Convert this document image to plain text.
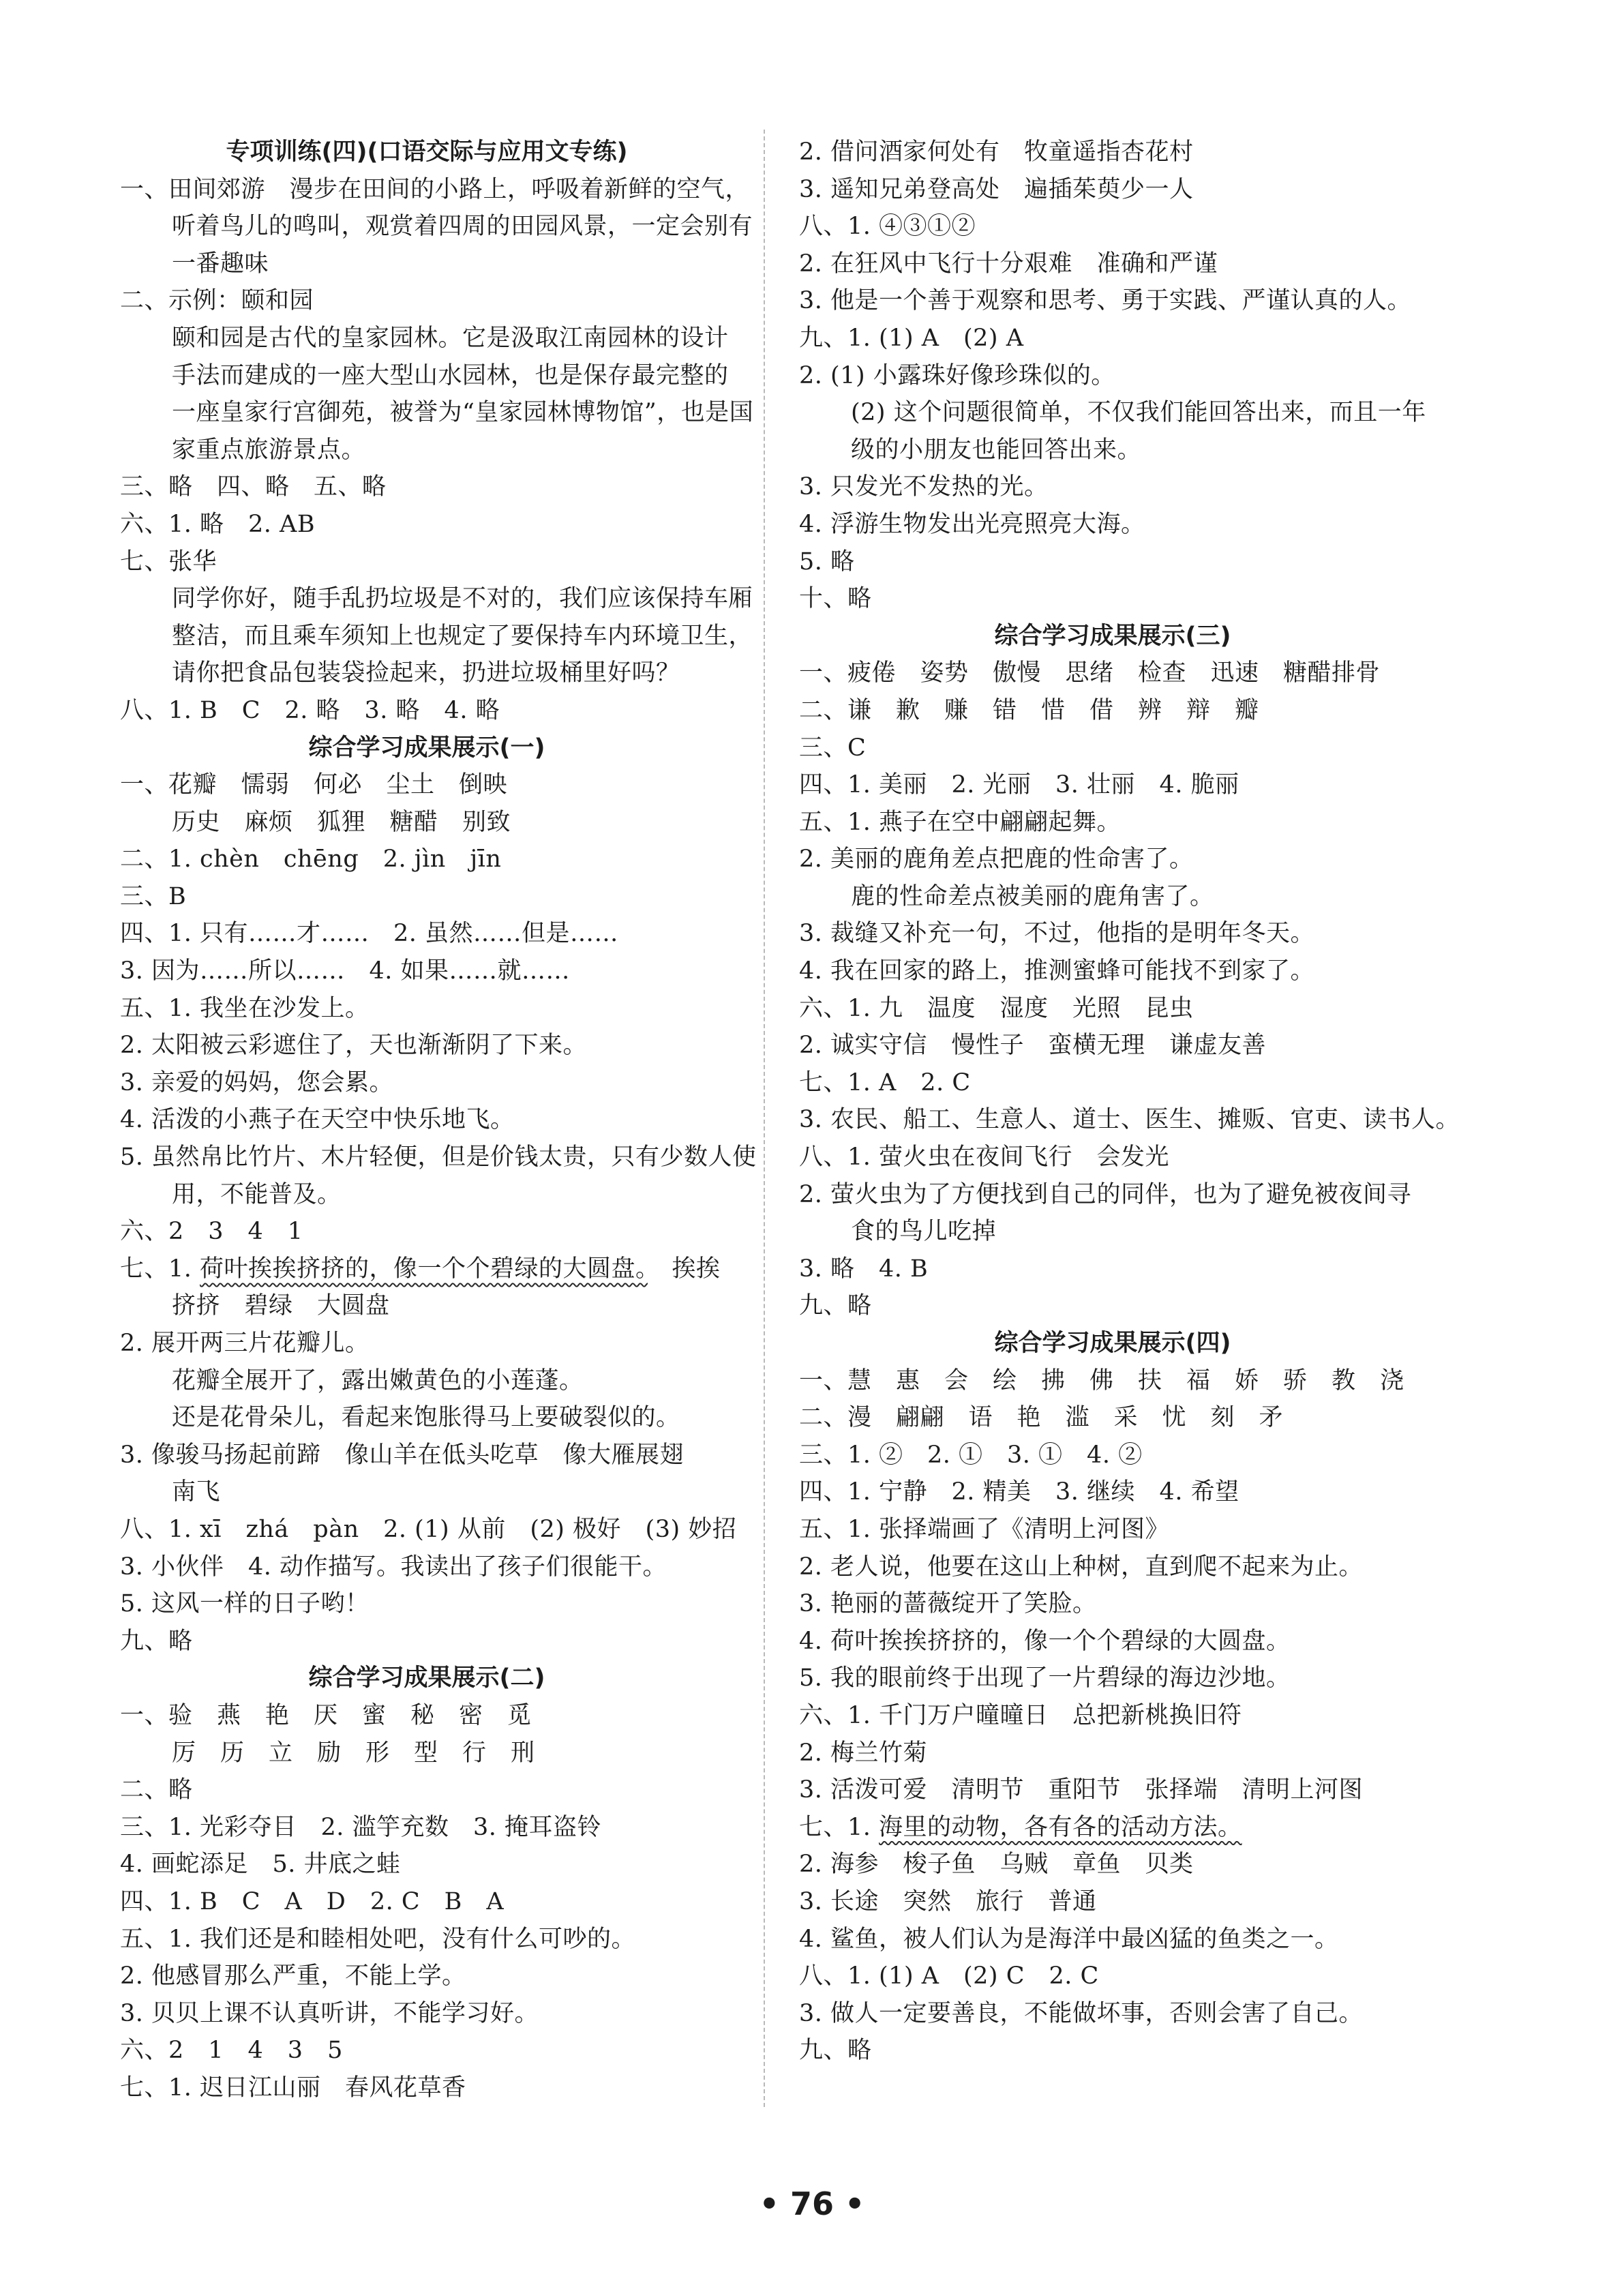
专项训练(四)(口语交际与应用文专练)
一、田间郊游　漫步在田间的小路上，呼吸着新鲜的空气，
听着鸟儿的鸣叫，观赏着四周的田园风景，一定会别有
一番趣味
二、示例：颐和园
颐和园是古代的皇家园林。它是汲取江南园林的设计
手法而建成的一座大型山水园林，也是保存最完整的
一座皇家行宫御苑，被誉为“皇家园林博物馆”，也是国
家重点旅游景点。
三、略　四、略　五、略
六、1. 略　2. AB
七、张华
同学你好，随手乱扔垃圾是不对的，我们应该保持车厢
整洁，而且乘车须知上也规定了要保持车内环境卫生，
请你把食品包装袋捡起来，扔进垃圾桶里好吗？
八、1. B　C　2. 略　3. 略　4. 略
综合学习成果展示(一)
一、花瓣　懦弱　何必　尘土　倒映
历史　麻烦　狐狸　糖醋　别致
二、1. chèn　chēng　2. jìn　jīn
三、B
四、1. 只有……才……　2. 虽然……但是……
3. 因为……所以……　4. 如果……就……
五、1. 我坐在沙发上。
2. 太阳被云彩遮住了，天也渐渐阴了下来。
3. 亲爱的妈妈，您会累。
4. 活泼的小燕子在天空中快乐地飞。
5. 虽然帛比竹片、木片轻便，但是价钱太贵，只有少数人使
用，不能普及。
六、2　3　4　1
七、1. 荷叶挨挨挤挤的，像一个个碧绿的大圆盘。　挨挨
挤挤　碧绿　大圆盘
2. 展开两三片花瓣儿。
花瓣全展开了，露出嫩黄色的小莲蓬。
还是花骨朵儿，看起来饱胀得马上要破裂似的。
3. 像骏马扬起前蹄　像山羊在低头吃草　像大雁展翅
南飞
八、1. xī　zhá　pàn　2. (1) 从前　(2) 极好　(3) 妙招
3. 小伙伴　4. 动作描写。我读出了孩子们很能干。
5. 这风一样的日子哟！
九、略
综合学习成果展示(二)
一、验　燕　艳　厌　蜜　秘　密　觅
厉　历　立　励　形　型　行　刑
二、略
三、1. 光彩夺目　2. 滥竽充数　3. 掩耳盗铃
4. 画蛇添足　5. 井底之蛙
四、1. B　C　A　D　2. C　B　A
五、1. 我们还是和睦相处吧，没有什么可吵的。
2. 他感冒那么严重，不能上学。
3. 贝贝上课不认真听讲，不能学习好。
六、2　1　4　3　5
七、1. 迟日江山丽　春风花草香
2. 借问酒家何处有　牧童遥指杏花村
3. 遥知兄弟登高处　遍插茱萸少一人
八、1. ④③①②
2. 在狂风中飞行十分艰难　准确和严谨
3. 他是一个善于观察和思考、勇于实践、严谨认真的人。
九、1. (1) A　(2) A
2. (1) 小露珠好像珍珠似的。
(2) 这个问题很简单，不仅我们能回答出来，而且一年
级的小朋友也能回答出来。
3. 只发光不发热的光。
4. 浮游生物发出光亮照亮大海。
5. 略
十、略
综合学习成果展示(三)
一、疲倦　姿势　傲慢　思绪　检查　迅速　糖醋排骨
二、谦　歉　赚　错　惜　借　辨　辩　瓣
三、C
四、1. 美丽　2. 光丽　3. 壮丽　4. 脆丽
五、1. 燕子在空中翩翩起舞。
2. 美丽的鹿角差点把鹿的性命害了。
鹿的性命差点被美丽的鹿角害了。
3. 裁缝又补充一句，不过，他指的是明年冬天。
4. 我在回家的路上，推测蜜蜂可能找不到家了。
六、1. 九　温度　湿度　光照　昆虫
2. 诚实守信　慢性子　蛮横无理　谦虚友善
七、1. A　2. C
3. 农民、船工、生意人、道士、医生、摊贩、官吏、读书人。
八、1. 萤火虫在夜间飞行　会发光
2. 萤火虫为了方便找到自己的同伴，也为了避免被夜间寻
食的鸟儿吃掉
3. 略　4. B
九、略
综合学习成果展示(四)
一、慧　惠　会　绘　拂　佛　扶　福　娇　骄　教　浇
二、漫　翩翩　语　艳　滥　采　忧　刻　矛
三、1. ②　2. ①　3. ①　4. ②
四、1. 宁静　2. 精美　3. 继续　4. 希望
五、1. 张择端画了《清明上河图》
2. 老人说，他要在这山上种树，直到爬不起来为止。
3. 艳丽的蔷薇绽开了笑脸。
4. 荷叶挨挨挤挤的，像一个个碧绿的大圆盘。
5. 我的眼前终于出现了一片碧绿的海边沙地。
六、1. 千门万户曈曈日　总把新桃换旧符
2. 梅兰竹菊
3. 活泼可爱　清明节　重阳节　张择端　清明上河图
七、1. 海里的动物，各有各的活动方法。
2. 海参　梭子鱼　乌贼　章鱼　贝类
3. 长途　突然　旅行　普通
4. 鲨鱼，被人们认为是海洋中最凶猛的鱼类之一。
八、1. (1) A　(2) C　2. C
3. 做人一定要善良，不能做坏事，否则会害了自己。
九、略
• 76 •
